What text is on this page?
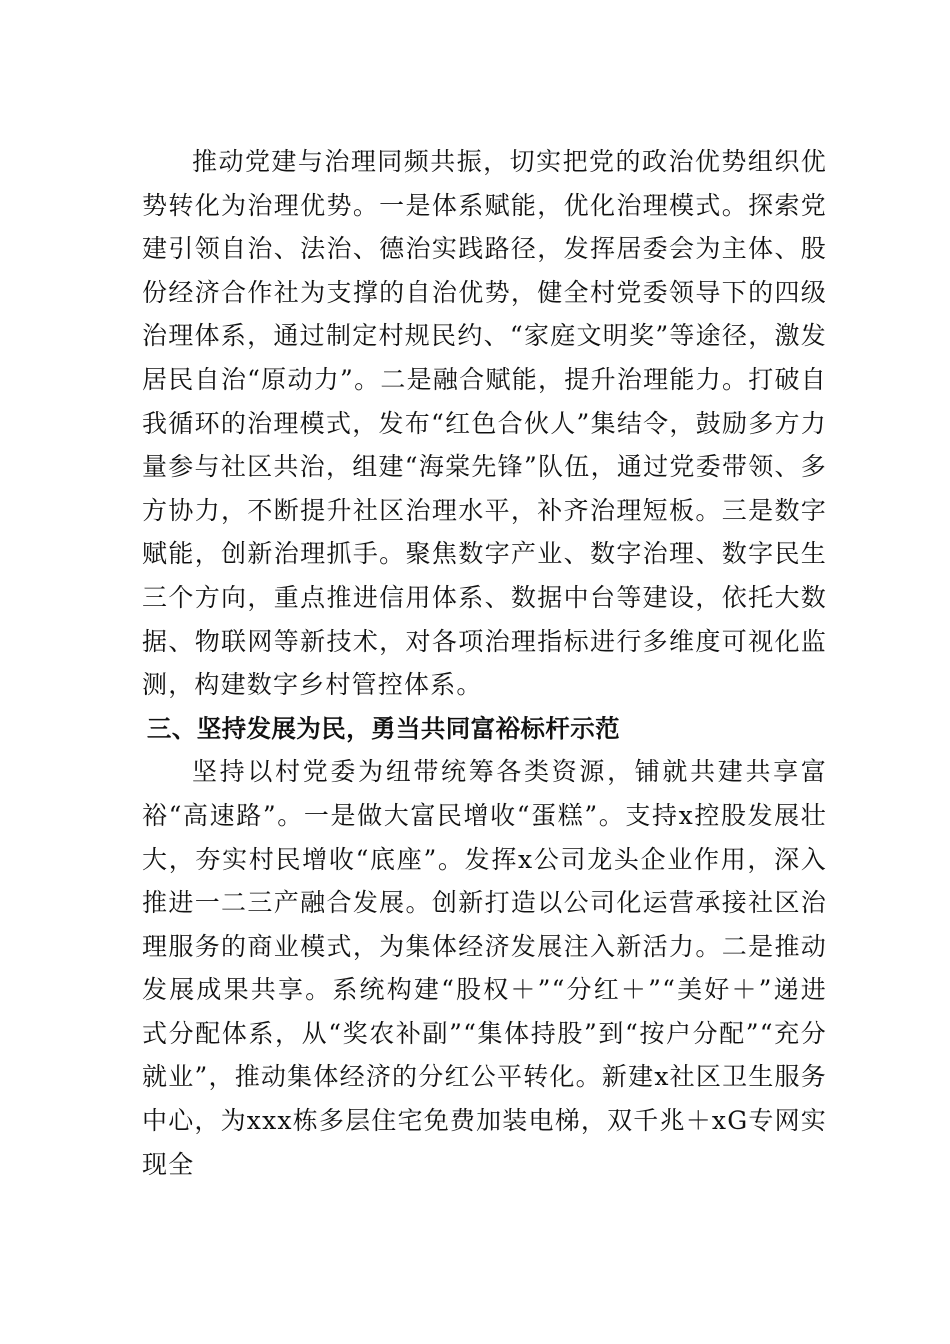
推动党建与治理同频共振，切实把党的政治优势组织优势转化为治理优势。一是体系赋能，优化治理模式。探索党建引领自治、法治、德治实践路径，发挥居委会为主体、股份经济合作社为支撑的自治优势，健全村党委领导下的四级治理体系，通过制定村规民约、“家庭文明奖”等途径，激发居民自治“原动力”。二是融合赋能，提升治理能力。打破自我循环的治理模式，发布“红色合伙人”集结令，鼓励多方力量参与社区共治，组建“海棠先锋”队伍，通过党委带领、多方协力，不断提升社区治理水平，补齐治理短板。三是数字赋能，创新治理抓手。聚焦数字产业、数字治理、数字民生三个方向，重点推进信用体系、数据中台等建设，依托大数据、物联网等新技术，对各项治理指标进行多维度可视化监测，构建数字乡村管控体系。

三、坚持发展为民，勇当共同富裕标杆示范

坚持以村党委为纽带统筹各类资源，铺就共建共享富裕“高速路”。一是做大富民增收“蛋糕”。支持x控股发展壮大，夯实村民增收“底座”。发挥x公司龙头企业作用，深入推进一二三产融合发展。创新打造以公司化运营承接社区治理服务的商业模式，为集体经济发展注入新活力。二是推动发展成果共享。系统构建“股权＋”“分红＋”“美好＋”递进式分配体系，从“奖农补副”“集体持股”到“按户分配”“充分就业”，推动集体经济的分红公平转化。新建x社区卫生服务中心，为xxx栋多层住宅免费加装电梯，双千兆＋xG专网实现全
